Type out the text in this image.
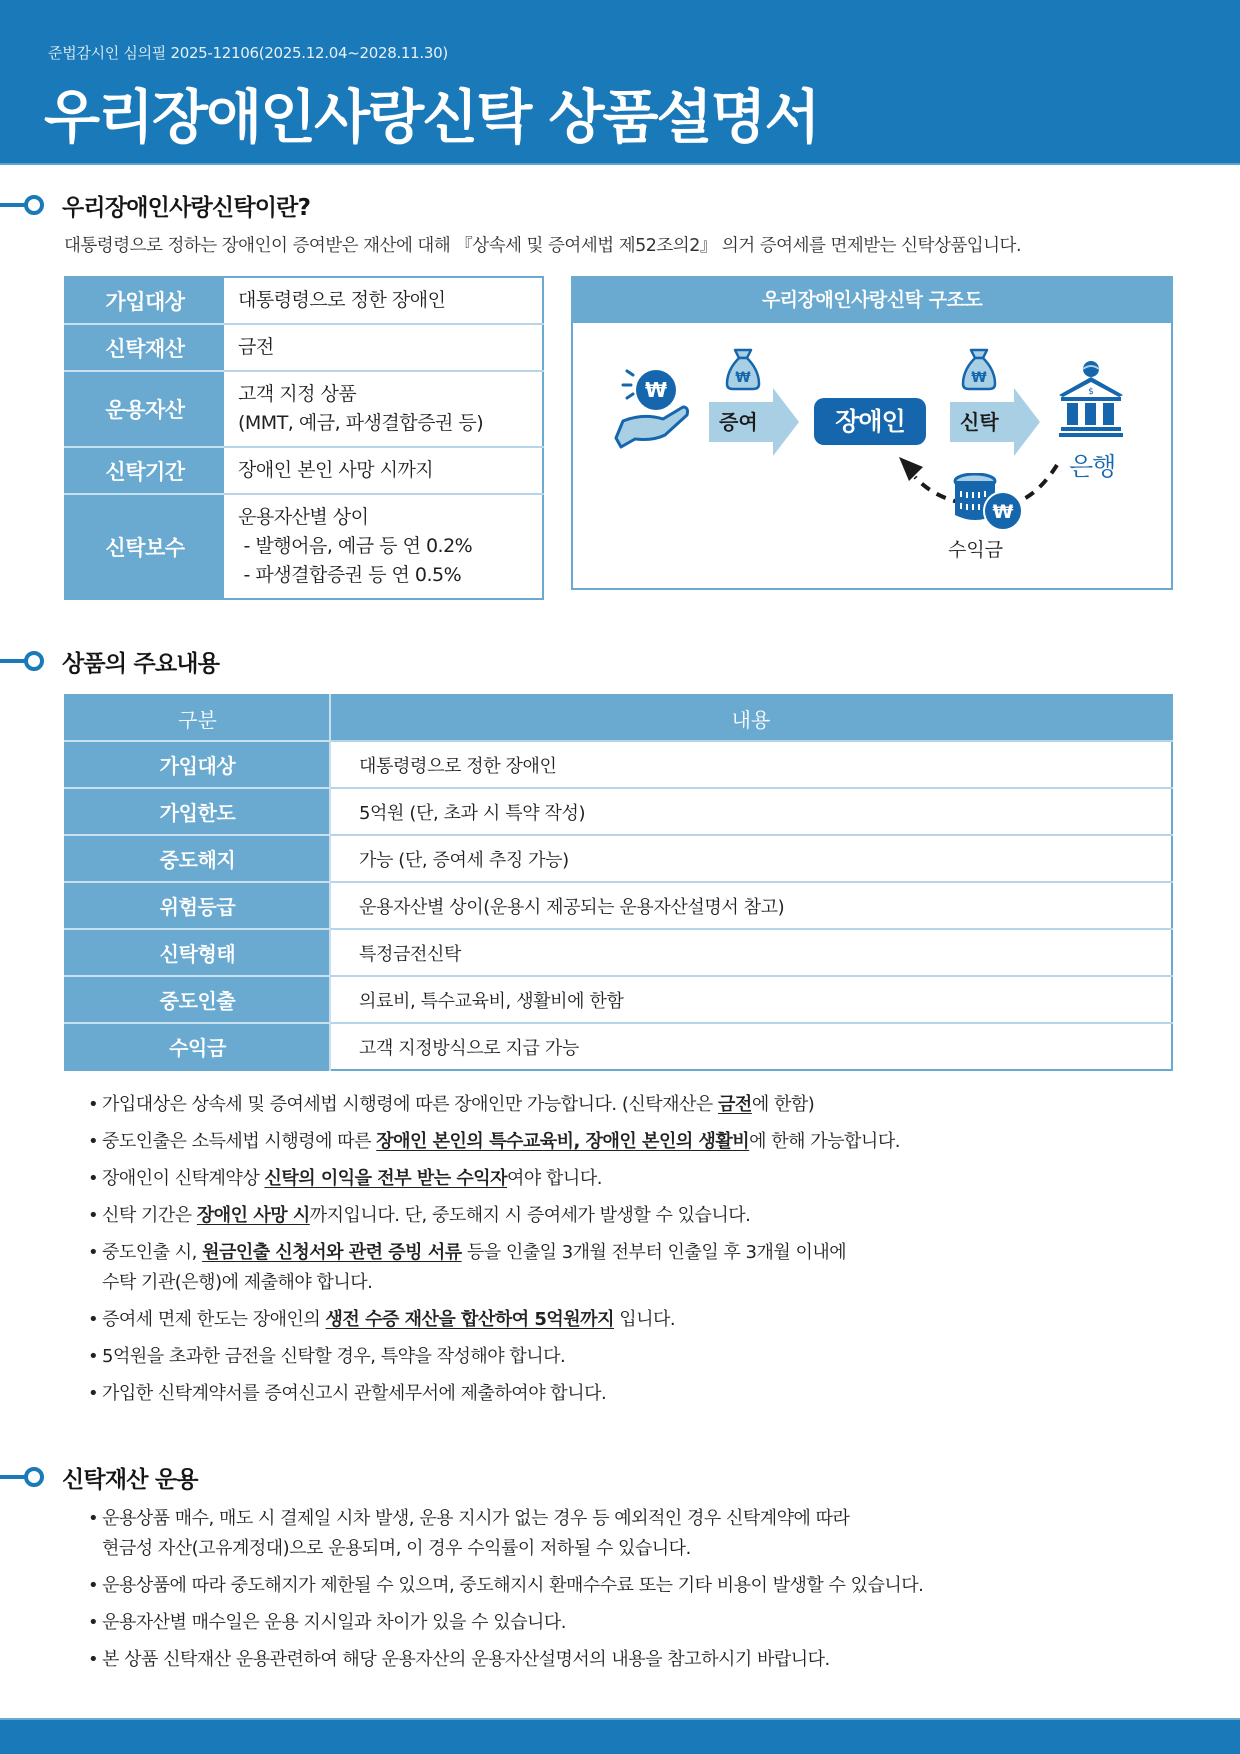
준법감시인 심의필 2025-12106(2025.12.04~2028.11.30)
우리장애인사랑신탁 상품설명서
우리장애인사랑신탁이란?
대통령령으로 정하는 장애인이 증여받은 재산에 대해 『상속세 및 증여세법 제52조의2』 의거 증여세를 면제받는 신탁상품입니다.
가입대상	대통령령으로 정한 장애인
신탁재산	금전
운용자산	고객 지정 상품
(MMT, 예금, 파생결합증권 등)

신탁기간	장애인 본인 사망 시까지
신탁보수	운용자산별 상이
- 발행어음, 예금 등 연 0.2%
- 파생결합증권 등 연 0.5%
우리장애인사랑신탁 구조도
₩	₩
증여	장애인
₩
신탁
$
은행
₩
수익금
상품의 주요내용
구분	내용
가입대상	대통령령으로 정한 장애인
가입한도	5억원 (단, 초과 시 특약 작성)
중도해지	가능 (단, 증여세 추징 가능)
위험등급	운용자산별 상이(운용시 제공되는 운용자산설명서 참고)
신탁형태	특정금전신탁
중도인출	의료비, 특수교육비, 생활비에 한함
수익금	고객 지정방식으로 지급 가능
• 가입대상은 상속세 및 증여세법 시행령에 따른 장애인만 가능합니다. (신탁재산은 금전에 한함)
• 중도인출은 소득세법 시행령에 따른 장애인 본인의 특수교육비, 장애인 본인의 생활비에 한해 가능합니다.
• 장애인이 신탁계약상 신탁의 이익을 전부 받는 수익자여야 합니다.
• 신탁 기간은 장애인 사망 시까지입니다. 단, 중도해지 시 증여세가 발생할 수 있습니다.
• 중도인출 시, 원금인출 신청서와 관련 증빙 서류 등을 인출일 3개월 전부터 인출일 후 3개월 이내에
수탁 기관(은행)에 제출해야 합니다.
• 증여세 면제 한도는 장애인의 생전 수증 재산을 합산하여 5억원까지 입니다.
• 5억원을 초과한 금전을 신탁할 경우, 특약을 작성해야 합니다.
• 가입한 신탁계약서를 증여신고시 관할세무서에 제출하여야 합니다.
신탁재산 운용
• 운용상품 매수, 매도 시 결제일 시차 발생, 운용 지시가 없는 경우 등 예외적인 경우 신탁계약에 따라
현금성 자산(고유계정대)으로 운용되며, 이 경우 수익률이 저하될 수 있습니다.
• 운용상품에 따라 중도해지가 제한될 수 있으며, 중도해지시 환매수수료 또는 기타 비용이 발생할 수 있습니다.
• 운용자산별 매수일은 운용 지시일과 차이가 있을 수 있습니다.
• 본 상품 신탁재산 운용관련하여 해당 운용자산의 운용자산설명서의 내용을 참고하시기 바랍니다.
